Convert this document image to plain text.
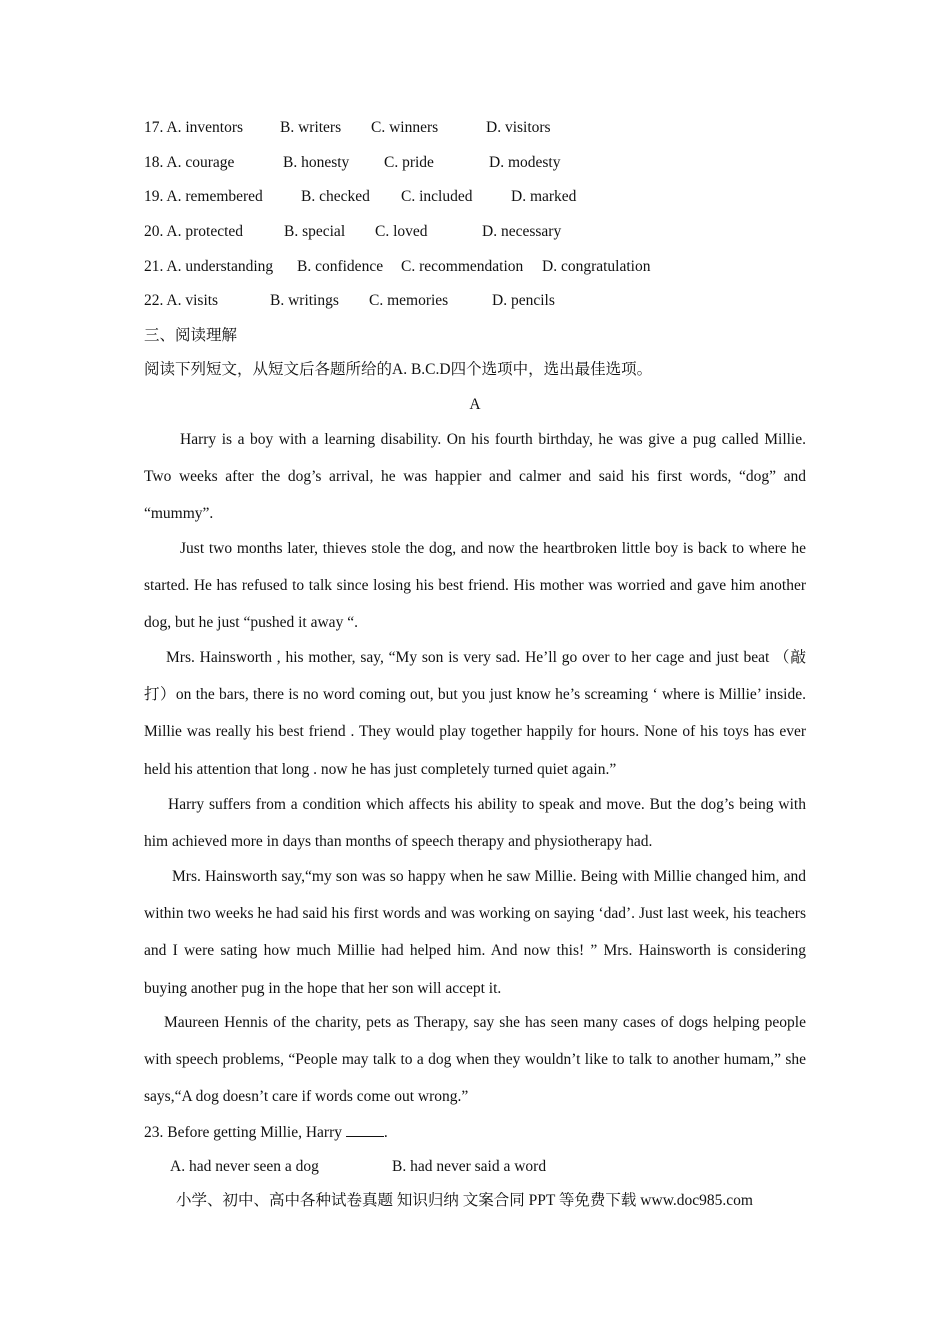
17. A. inventors B. writers C. winners	D. visitors
18. A. courage	B. honesty C. pride	D. modesty
19. A. remembered B. checked C. included D. marked
20. A. protected	B. special C. loved	D. necessary
21. A. understanding B. confidence C. recommendation D. congratulation
22. A. visits	B. writings C. memories	D. pencils
三、阅读理解
阅读下列短文，从短文后各题所给的A. B.C.D四个选项中，选出最佳选项。
A

Harry is a boy with a learning disability. On his fourth birthday, he was give a pug called Millie. Two weeks after the dog’s arrival, he was happier and calmer and said his first words, “dog” and “mummy”.

Just two months later, thieves stole the dog, and now the heartbroken little boy is back to where he started. He has refused to talk since losing his best friend. His mother was worried and gave him another dog, but he just “pushed it away “.

Mrs. Hainsworth , his mother, say, “My son is very sad. He’ll go over to her cage and just beat （敲打）on the bars, there is no word coming out, but you just know he’s screaming ‘ where is Millie’ inside. Millie was really his best friend . They would play together happily for hours. None of his toys has ever held his attention that long . now he has just completely turned quiet again.”

Harry suffers from a condition which affects his ability to speak and move. But the dog’s being with him achieved more in days than months of speech therapy and physiotherapy had.

Mrs. Hainsworth say,“my son was so happy when he saw Millie. Being with Millie changed him, and within two weeks he had said his first words and was working on saying ‘dad’. Just last week, his teachers and I were sating how much Millie had helped him. And now this! ” Mrs. Hainsworth is considering buying another pug in the hope that her son will accept it.

Maureen Hennis of the charity, pets as Therapy, say she has seen many cases of dogs helping people with speech problems, “People may talk to a dog when they wouldn’t like to talk to another humam,” she says,“A dog doesn’t care if words come out wrong.”

23. Before getting Millie, Harry	.
A. had never seen a dog	B. had never said a word
小学、初中、高中各种试卷真题 知识归纳 文案合同 PPT 等免费下载 www.doc985.com
